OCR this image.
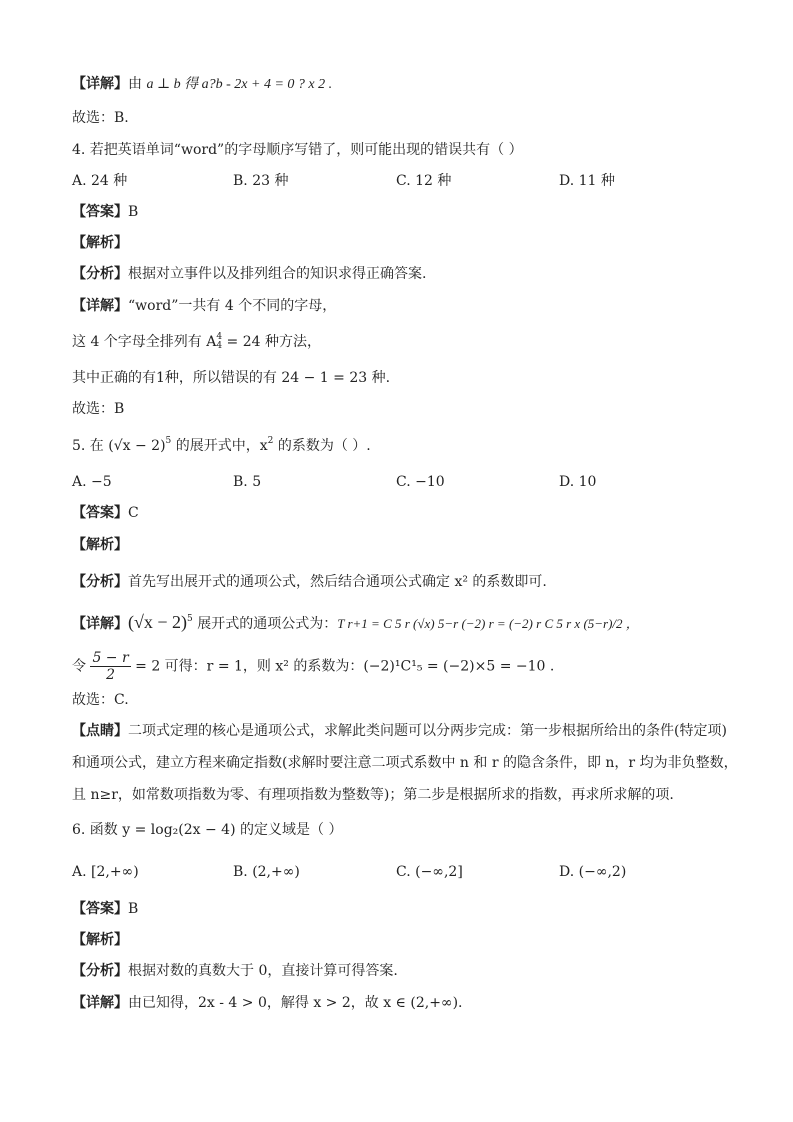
【详解】由 a ⊥ b 得 a?b - 2x + 4 = 0 ? x 2 .
故选：B.
4. 若把英语单词“word”的字母顺序写错了，则可能出现的错误共有（ ）
A. 24 种	B. 23 种	C. 12 种	D. 11 种
【答案】B
【解析】
【分析】根据对立事件以及排列组合的知识求得正确答案.
【详解】“word”一共有 4 个不同的字母，
这 4 个字母全排列有 A4
4 = 24 种方法，
其中正确的有1种，所以错误的有 24 − 1 = 23 种.
故选：B
5. 在 $(√x - 2)^5$ 的展开式中，$x^2$ 的系数为（ ）.
A. −5	B. 5	C. −10	D. 10
【答案】C
【解析】
【分析】首先写出展开式的通项公式，然后结合通项公式确定 x² 的系数即可.
【详解】$(√x - 2)^5$ 展开式的通项公式为：T r+1 = C 5 r (√x) 5−r (−2) r = (−2) r C 5 r x (5−r)/2 ，
令 $\frac{5 - r}{2} = 2$ 可得：r = 1，则 x² 的系数为：(−2)¹C¹₅ = (−2)×5 = −10 .
故选：C.
【点睛】二项式定理的核心是通项公式，求解此类问题可以分两步完成：第一步根据所给出的条件(特定项)
和通项公式，建立方程来确定指数(求解时要注意二项式系数中 n 和 r 的隐含条件，即 n，r 均为非负整数，
且 n≥r，如常数项指数为零、有理项指数为整数等)；第二步是根据所求的指数，再求所求解的项.
6. 函数 y = log₂(2x − 4) 的定义域是（ ）
A. [2,+∞)	B. (2,+∞)	C. (−∞,2]	D. (−∞,2)
【答案】B
【解析】
【分析】根据对数的真数大于 0，直接计算可得答案.
【详解】由已知得，2x - 4 > 0，解得 x > 2，故 x ∈ (2,+∞).
